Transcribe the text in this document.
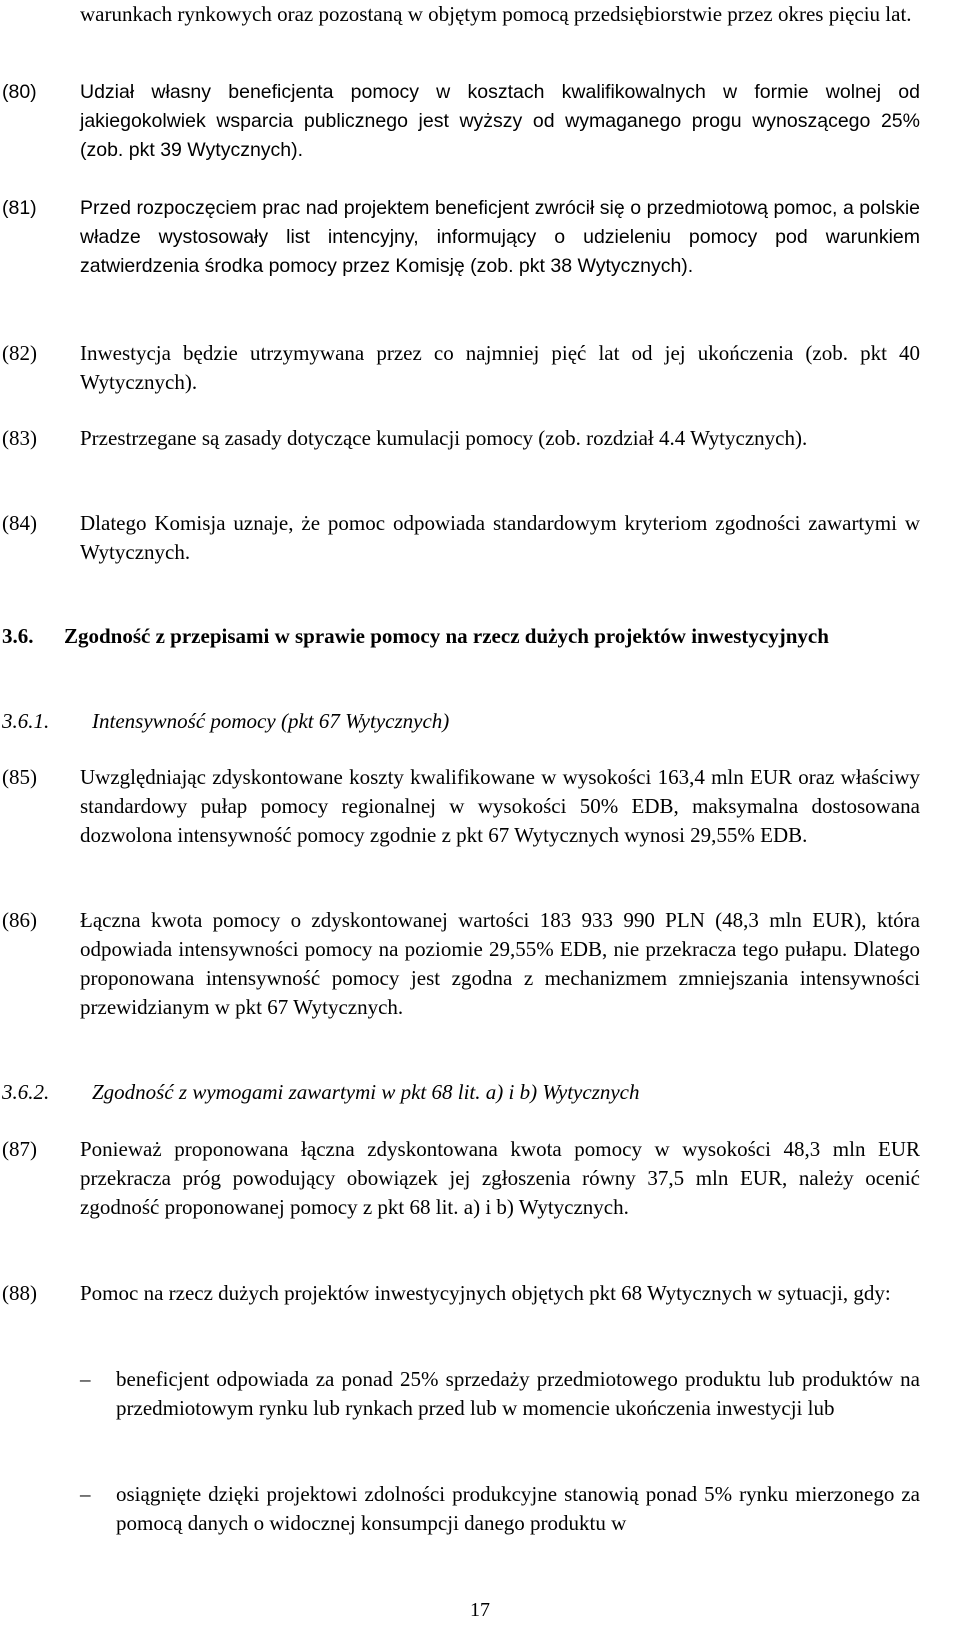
warunkach rynkowych oraz pozostaną w objętym pomocą przedsiębiorstwie przez okres pięciu lat.
(80) Udział własny beneficjenta pomocy w kosztach kwalifikowalnych w formie wolnej od jakiegokolwiek wsparcia publicznego jest wyższy od wymaganego progu wynoszącego 25% (zob. pkt 39 Wytycznych).
(81) Przed rozpoczęciem prac nad projektem beneficjent zwrócił się o przedmiotową pomoc, a polskie władze wystosowały list intencyjny, informujący o udzieleniu pomocy pod warunkiem zatwierdzenia środka pomocy przez Komisję (zob. pkt 38 Wytycznych).
(82) Inwestycja będzie utrzymywana przez co najmniej pięć lat od jej ukończenia (zob. pkt 40 Wytycznych).
(83) Przestrzegane są zasady dotyczące kumulacji pomocy (zob. rozdział 4.4 Wytycznych).
(84) Dlatego Komisja uznaje, że pomoc odpowiada standardowym kryteriom zgodności zawartymi w Wytycznych.
3.6. Zgodność z przepisami w sprawie pomocy na rzecz dużych projektów inwestycyjnych
3.6.1. Intensywność pomocy (pkt 67 Wytycznych)
(85) Uwzględniając zdyskontowane koszty kwalifikowane w wysokości 163,4 mln EUR oraz właściwy standardowy pułap pomocy regionalnej w wysokości 50% EDB, maksymalna dostosowana dozwolona intensywność pomocy zgodnie z pkt 67 Wytycznych wynosi 29,55% EDB.
(86) Łączna kwota pomocy o zdyskontowanej wartości 183 933 990 PLN (48,3 mln EUR), która odpowiada intensywności pomocy na poziomie 29,55% EDB, nie przekracza tego pułapu. Dlatego proponowana intensywność pomocy jest zgodna z mechanizmem zmniejszania intensywności przewidzianym w pkt 67 Wytycznych.
3.6.2. Zgodność z wymogami zawartymi w pkt 68 lit. a) i b) Wytycznych
(87) Ponieważ proponowana łączna zdyskontowana kwota pomocy w wysokości 48,3 mln EUR przekracza próg powodujący obowiązek jej zgłoszenia równy 37,5 mln EUR, należy ocenić zgodność proponowanej pomocy z pkt 68 lit. a) i b) Wytycznych.
(88) Pomoc na rzecz dużych projektów inwestycyjnych objętych pkt 68 Wytycznych w sytuacji, gdy:
– beneficjent odpowiada za ponad 25% sprzedaży przedmiotowego produktu lub produktów na przedmiotowym rynku lub rynkach przed lub w momencie ukończenia inwestycji lub
– osiągnięte dzięki projektowi zdolności produkcyjne stanowią ponad 5% rynku mierzonego za pomocą danych o widocznej konsumpcji danego produktu w
17
